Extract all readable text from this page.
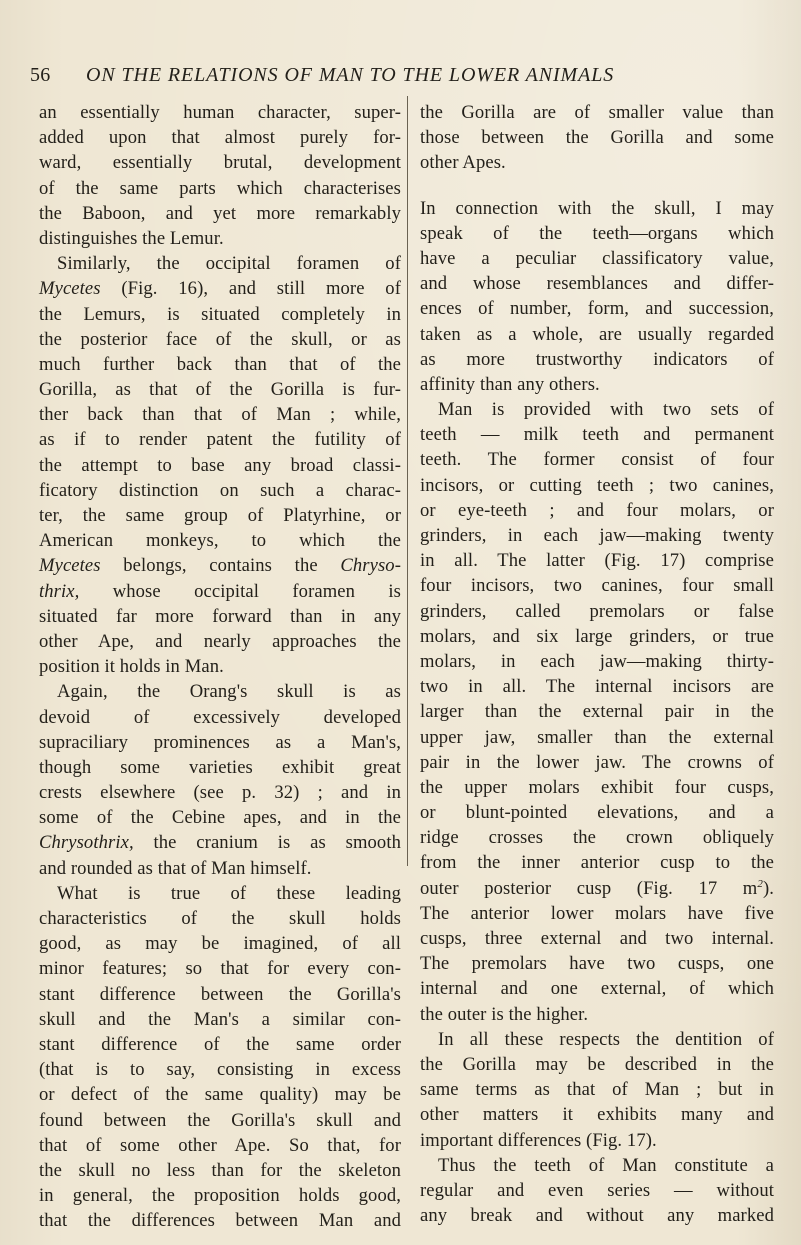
56 ON THE RELATIONS OF MAN TO THE LOWER ANIMALS
an essentially human character, super-
added upon that almost purely for-
ward, essentially brutal, development
of the same parts which characterises
the Baboon, and yet more remarkably
distinguishes the Lemur.
Similarly, the occipital foramen of
Mycetes (Fig. 16), and still more of
the Lemurs, is situated completely in
the posterior face of the skull, or as
much further back than that of the
Gorilla, as that of the Gorilla is fur-
ther back than that of Man ; while,
as if to render patent the futility of
the attempt to base any broad classi-
ficatory distinction on such a charac-
ter, the same group of Platyrhine, or
American monkeys, to which the
Mycetes belongs, contains the Chryso-
thrix, whose occipital foramen is
situated far more forward than in any
other Ape, and nearly approaches the
position it holds in Man.
Again, the Orang's skull is as
devoid of excessively developed
supraciliary prominences as a Man's,
though some varieties exhibit great
crests elsewhere (see p. 32) ; and in
some of the Cebine apes, and in the
Chrysothrix, the cranium is as smooth
and rounded as that of Man himself.
What is true of these leading
characteristics of the skull holds
good, as may be imagined, of all
minor features; so that for every con-
stant difference between the Gorilla's
skull and the Man's a similar con-
stant difference of the same order
(that is to say, consisting in excess
or defect of the same quality) may be
found between the Gorilla's skull and
that of some other Ape. So that, for
the skull no less than for the skeleton
in general, the proposition holds good,
that the differences between Man and
the Gorilla are of smaller value than
those between the Gorilla and some
other Apes.
In connection with the skull, I may
speak of the teeth—organs which
have a peculiar classificatory value,
and whose resemblances and differ-
ences of number, form, and succession,
taken as a whole, are usually regarded
as more trustworthy indicators of
affinity than any others.
Man is provided with two sets of
teeth — milk teeth and permanent
teeth. The former consist of four
incisors, or cutting teeth ; two canines,
or eye-teeth ; and four molars, or
grinders, in each jaw—making twenty
in all. The latter (Fig. 17) comprise
four incisors, two canines, four small
grinders, called premolars or false
molars, and six large grinders, or true
molars, in each jaw—making thirty-
two in all. The internal incisors are
larger than the external pair in the
upper jaw, smaller than the external
pair in the lower jaw. The crowns of
the upper molars exhibit four cusps,
or blunt-pointed elevations, and a
ridge crosses the crown obliquely
from the inner anterior cusp to the
outer posterior cusp (Fig. 17 $m^2$).
The anterior lower molars have five
cusps, three external and two internal.
The premolars have two cusps, one
internal and one external, of which
the outer is the higher.
In all these respects the dentition of
the Gorilla may be described in the
same terms as that of Man ; but in
other matters it exhibits many and
important differences (Fig. 17).
Thus the teeth of Man constitute a
regular and even series — without
any break and without any marked
